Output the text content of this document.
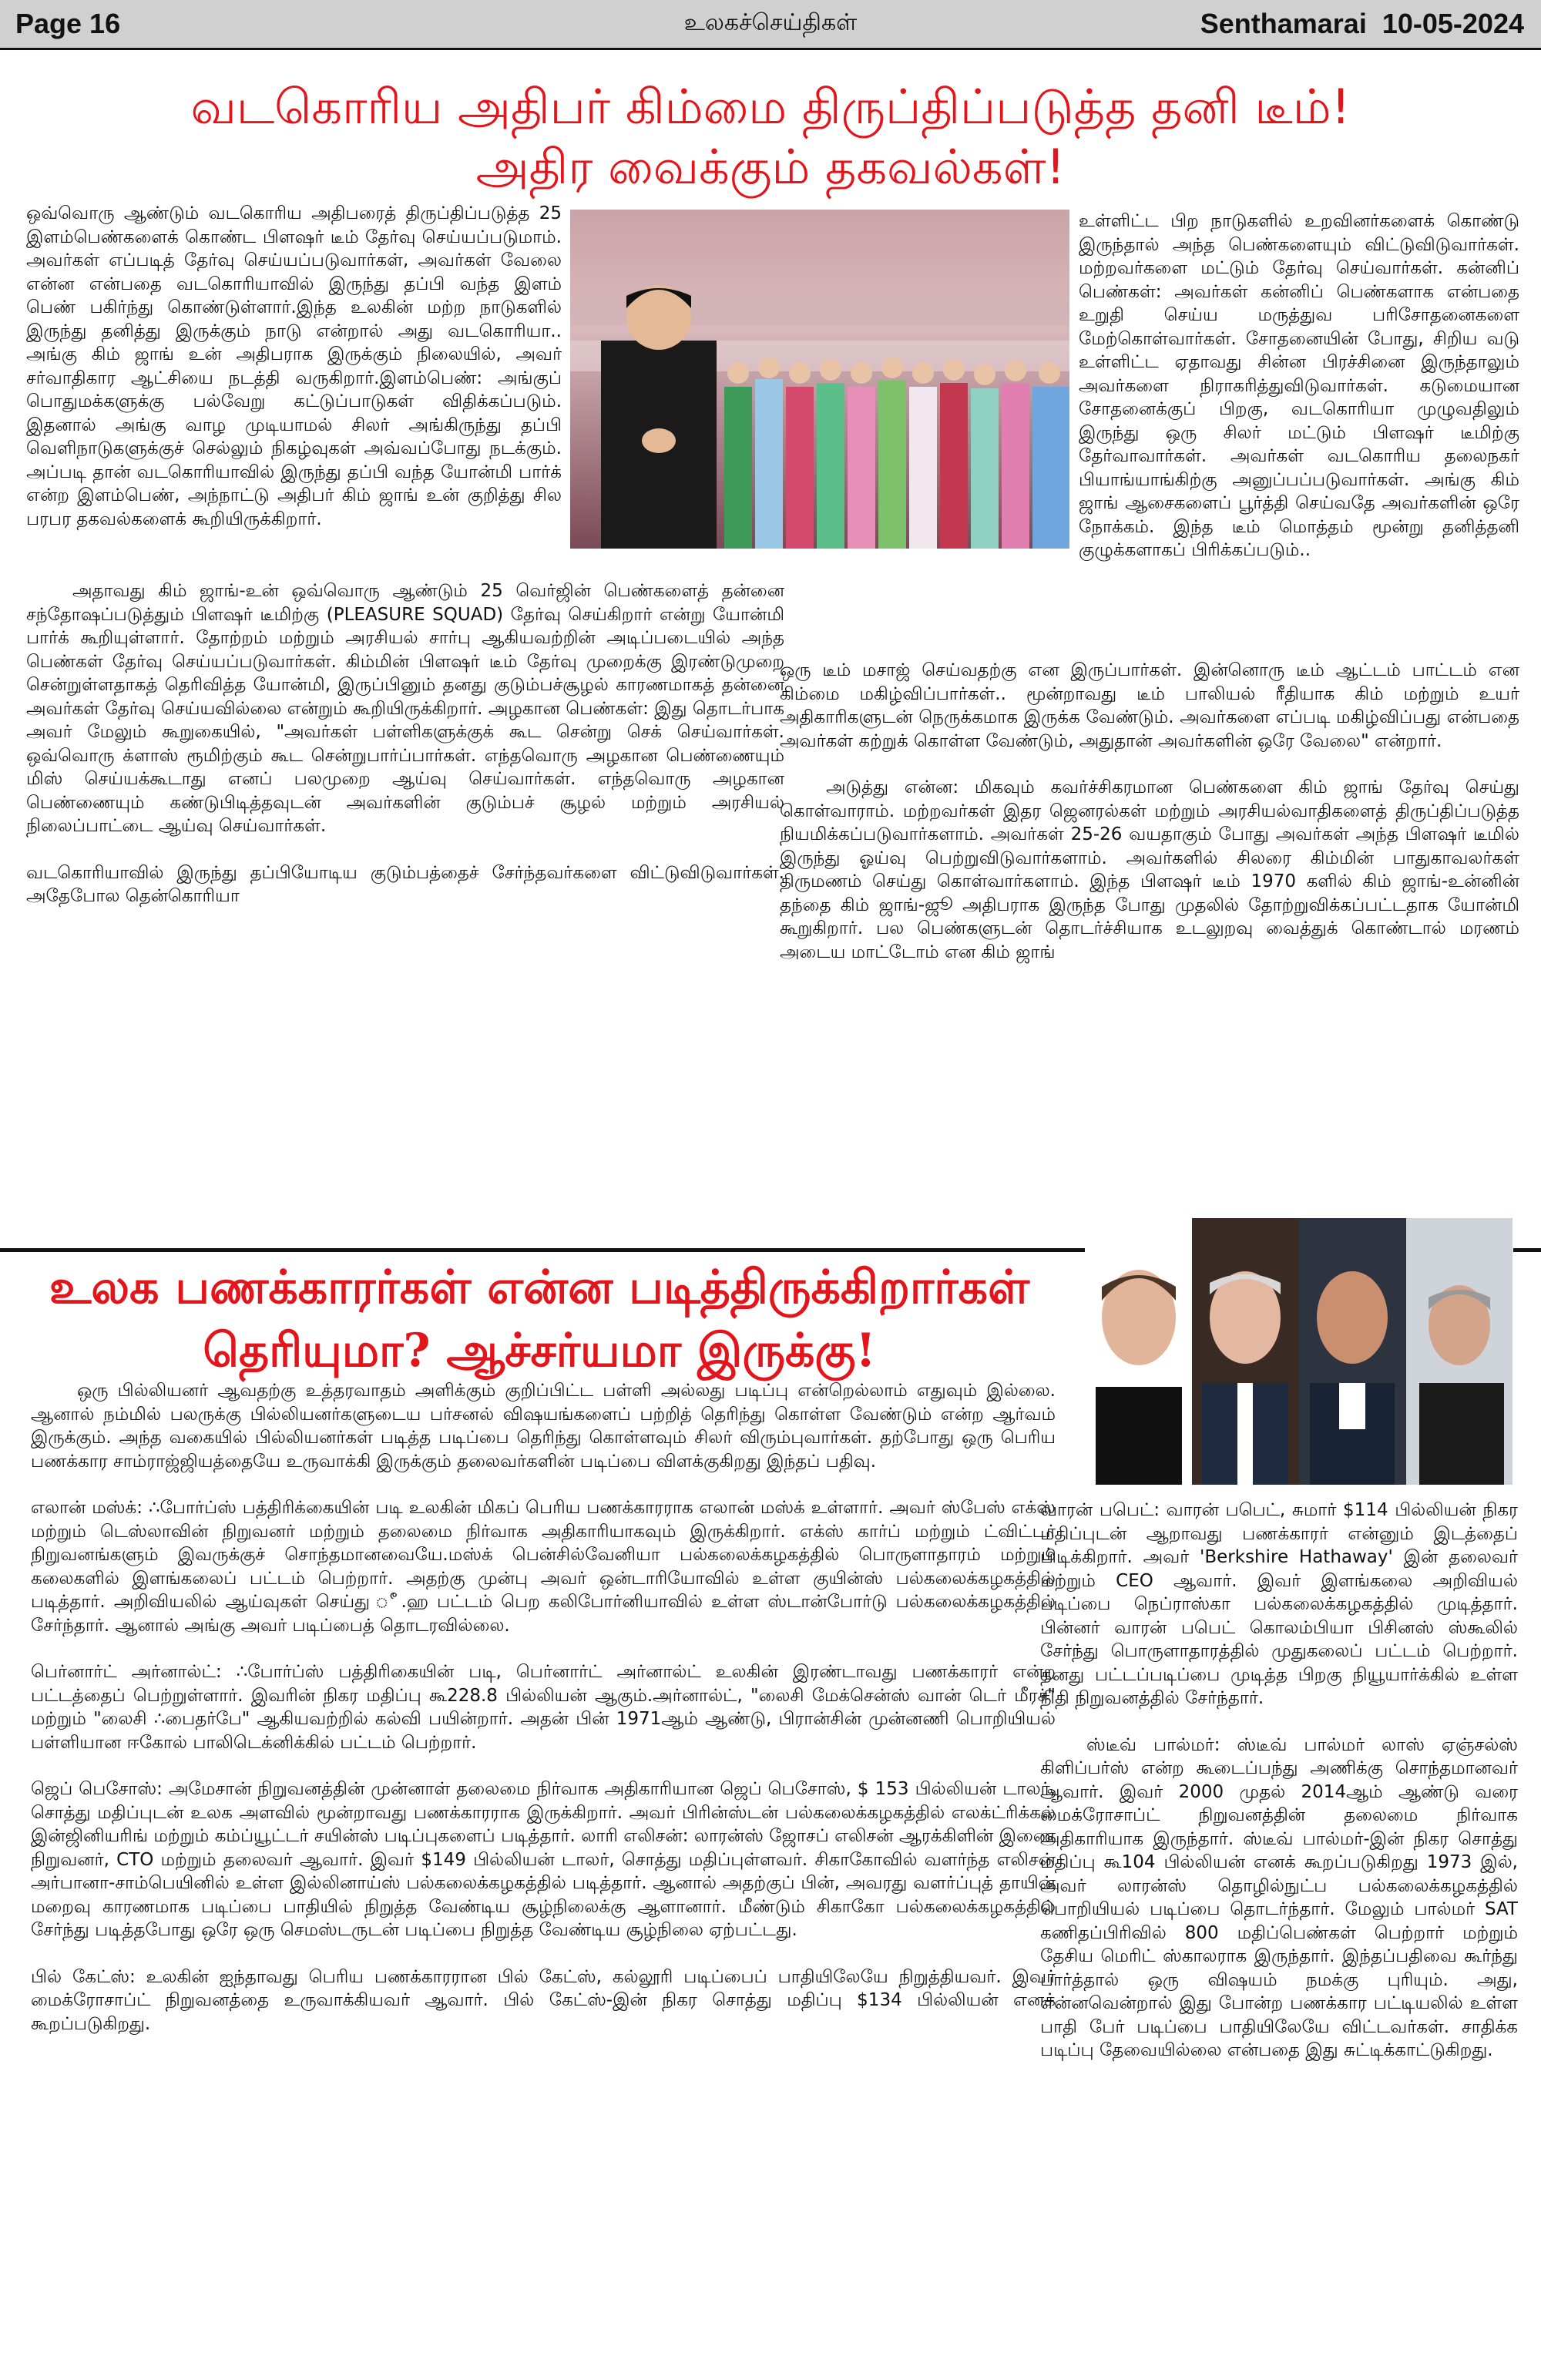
Page 16	உலகச்செய்திகள்	Senthamarai 10-05-2024
வடகொரிய அதிபர் கிம்மை திருப்திப்படுத்த தனி டீம்!
அதிர வைக்கும் தகவல்கள்!

ஒவ்வொரு ஆண்டும் வடகொரிய அதிபரைத் திருப்திப்படுத்த 25 இளம்பெண்களைக் கொண்ட பிளஷர் டீம் தேர்வு செய்யப்படுமாம். அவர்கள் எப்படித் தேர்வு செய்யப்படுவார்கள், அவர்கள் வேலை என்ன என்பதை வடகொரியாவில் இருந்து தப்பி வந்த இளம் பெண் பகிர்ந்து கொண்டுள்ளார்.இந்த உலகின் மற்ற நாடுகளில் இருந்து தனித்து இருக்கும் நாடு என்றால் அது வடகொரியா.. அங்கு கிம் ஜாங் உன் அதிபராக இருக்கும் நிலையில், அவர் சர்வாதிகார ஆட்சியை நடத்தி வருகிறார்.இளம்பெண்: அங்குப் பொதுமக்களுக்கு பல்வேறு கட்டுப்பாடுகள் விதிக்கப்படும். இதனால் அங்கு வாழ முடியாமல் சிலர் அங்கிருந்து தப்பி வெளிநாடுகளுக்குச் செல்லும் நிகழ்வுகள் அவ்வப்போது நடக்கும். அப்படி தான் வடகொரியாவில் இருந்து தப்பி வந்த யோன்மி பார்க் என்ற இளம்பெண், அந்நாட்டு அதிபர் கிம் ஜாங் உன் குறித்து சில பரபர தகவல்களைக் கூறியிருக்கிறார்.

அதாவது கிம் ஜாங்-உன் ஒவ்வொரு ஆண்டும் 25 வெர்ஜின் பெண்களைத் தன்னை சந்தோஷப்படுத்தும் பிளஷர் டீமிற்கு (PLEASURE SQUAD) தேர்வு செய்கிறார் என்று யோன்மி பார்க் கூறியுள்ளார். தோற்றம் மற்றும் அரசியல் சார்பு ஆகியவற்றின் அடிப்படையில் அந்த பெண்கள் தேர்வு செய்யப்படுவார்கள். கிம்மின் பிளஷர் டீம் தேர்வு முறைக்கு இரண்டுமுறை சென்றுள்ளதாகத் தெரிவித்த யோன்மி, இருப்பினும் தனது குடும்பச்சூழல் காரணமாகத் தன்னை அவர்கள் தேர்வு செய்யவில்லை என்றும் கூறியிருக்கிறார். அழகான பெண்கள்: இது தொடர்பாக அவர் மேலும் கூறுகையில், "அவர்கள் பள்ளிகளுக்குக் கூட சென்று செக் செய்வார்கள். ஒவ்வொரு க்ளாஸ் ரூமிற்கும் கூட சென்றுபார்ப்பார்கள். எந்தவொரு அழகான பெண்ணையும் மிஸ் செய்யக்கூடாது எனப் பலமுறை ஆய்வு செய்வார்கள். எந்தவொரு அழகான பெண்ணையும் கண்டுபிடித்தவுடன் அவர்களின் குடும்பச் சூழல் மற்றும் அரசியல் நிலைப்பாட்டை ஆய்வு செய்வார்கள்.

வடகொரியாவில் இருந்து தப்பியோடிய குடும்பத்தைச் சேர்ந்தவர்களை விட்டுவிடுவார்கள். அதேபோல தென்கொரியா

உள்ளிட்ட பிற நாடுகளில் உறவினர்களைக் கொண்டு இருந்தால் அந்த பெண்களையும் விட்டுவிடுவார்கள். மற்றவர்களை மட்டும் தேர்வு செய்வார்கள். கன்னிப் பெண்கள்: அவர்கள் கன்னிப் பெண்களாக என்பதை உறுதி செய்ய மருத்துவ பரிசோதனைகளை மேற்கொள்வார்கள். சோதனையின் போது, சிறிய வடு உள்ளிட்ட ஏதாவது சின்ன பிரச்சினை இருந்தாலும் அவர்களை நிராகரித்துவிடுவார்கள். கடுமையான சோதனைக்குப் பிறகு, வடகொரியா முழுவதிலும் இருந்து ஒரு சிலர் மட்டும் பிளஷர் டீமிற்கு தேர்வாவார்கள். அவர்கள் வடகொரிய தலைநகர் பியாங்யாங்கிற்கு அனுப்பப்படுவார்கள். அங்கு கிம் ஜாங் ஆசைகளைப் பூர்த்தி செய்வதே அவர்களின் ஒரே நோக்கம். இந்த டீம் மொத்தம் மூன்று தனித்தனி குழுக்களாகப் பிரிக்கப்படும்..

ஒரு டீம் மசாஜ் செய்வதற்கு என இருப்பார்கள். இன்னொரு டீம் ஆட்டம் பாட்டம் என கிம்மை மகிழ்விப்பார்கள்.. மூன்றாவது டீம் பாலியல் ரீதியாக கிம் மற்றும் உயர் அதிகாரிகளுடன் நெருக்கமாக இருக்க வேண்டும். அவர்களை எப்படி மகிழ்விப்பது என்பதை அவர்கள் கற்றுக் கொள்ள வேண்டும், அதுதான் அவர்களின் ஒரே வேலை" என்றார்.

அடுத்து என்ன: மிகவும் கவர்ச்சிகரமான பெண்களை கிம் ஜாங் தேர்வு செய்து கொள்வாராம். மற்றவர்கள் இதர ஜெனரல்கள் மற்றும் அரசியல்வாதிகளைத் திருப்திப்படுத்த நியமிக்கப்படுவார்களாம். அவர்கள் 25-26 வயதாகும் போது அவர்கள் அந்த பிளஷர் டீமில் இருந்து ஓய்வு பெற்றுவிடுவார்களாம். அவர்களில் சிலரை கிம்மின் பாதுகாவலர்கள் திருமணம் செய்து கொள்வார்களாம். இந்த பிளஷர் டீம் 1970 களில் கிம் ஜாங்-உன்னின் தந்தை கிம் ஜாங்-ஜூ அதிபராக இருந்த போது முதலில் தோற்றுவிக்கப்பட்டதாக யோன்மி கூறுகிறார். பல பெண்களுடன் தொடர்ச்சியாக உடலுறவு வைத்துக் கொண்டால் மரணம் அடைய மாட்டோம் என கிம் ஜாங்

உலக பணக்காரர்கள் என்ன படித்திருக்கிறார்கள்
தெரியுமா? ஆச்சர்யமா இருக்கு!

ஒரு பில்லியனர் ஆவதற்கு உத்தரவாதம் அளிக்கும் குறிப்பிட்ட பள்ளி அல்லது படிப்பு என்றெல்லாம் எதுவும் இல்லை. ஆனால் நம்மில் பலருக்கு பில்லியனர்களுடைய பர்சனல் விஷயங்களைப் பற்றித் தெரிந்து கொள்ள வேண்டும் என்ற ஆர்வம் இருக்கும். அந்த வகையில் பில்லியனர்கள் படித்த படிப்பை தெரிந்து கொள்ளவும் சிலர் விரும்புவார்கள். தற்போது ஒரு பெரிய பணக்கார சாம்ராஜ்ஜியத்தையே உருவாக்கி இருக்கும் தலைவர்களின் படிப்பை விளக்குகிறது இந்தப் பதிவு.

எலான் மஸ்க்: ∴போர்ப்ஸ் பத்திரிக்கையின் படி உலகின் மிகப் பெரிய பணக்காரராக எலான் மஸ்க் உள்ளார். அவர் ஸ்பேஸ் எக்ஸ் மற்றும் டெஸ்லாவின் நிறுவனர் மற்றும் தலைமை நிர்வாக அதிகாரியாகவும் இருக்கிறார். எக்ஸ் கார்ப் மற்றும் ட்விட்டர் நிறுவனங்களும் இவருக்குச் சொந்தமானவையே.மஸ்க் பென்சில்வேனியா பல்கலைக்கழகத்தில் பொருளாதாரம் மற்றும் கலைகளில் இளங்கலைப் பட்டம் பெற்றார். அதற்கு முன்பு அவர் ஒன்டாரியோவில் உள்ள குயின்ஸ் பல்கலைக்கழகத்தில் படித்தார். அறிவியலில் ஆய்வுகள் செய்து ீ.ஹ பட்டம் பெற கலிபோர்னியாவில் உள்ள ஸ்டான்போர்டு பல்கலைக்கழகத்தில் சேர்ந்தார். ஆனால் அங்கு அவர் படிப்பைத் தொடரவில்லை.

பெர்னார்ட் அர்னால்ட்: ∴போர்ப்ஸ் பத்திரிகையின் படி, பெர்னார்ட் அர்னால்ட் உலகின் இரண்டாவது பணக்காரர் என்ற பட்டத்தைப் பெற்றுள்ளார். இவரின் நிகர மதிப்பு கூ228.8 பில்லியன் ஆகும்.அர்னால்ட், "லைசி மேக்சென்ஸ் வான் டெர் மீரச்" மற்றும் "லைசி ∴பைதர்பே" ஆகியவற்றில் கல்வி பயின்றார். அதன் பின் 1971ஆம் ஆண்டு, பிரான்சின் முன்னணி பொறியியல் பள்ளியான ஈகோல் பாலிடெக்னிக்கில் பட்டம் பெற்றார்.

ஜெப் பெசோஸ்: அமேசான் நிறுவனத்தின் முன்னாள் தலைமை நிர்வாக அதிகாரியான ஜெப் பெசோஸ், $ 153 பில்லியன் டாலர், சொத்து மதிப்புடன் உலக அளவில் மூன்றாவது பணக்காரராக இருக்கிறார். அவர் பிரின்ஸ்டன் பல்கலைக்கழகத்தில் எலக்ட்ரிக்கல் இன்ஜினியரிங் மற்றும் கம்ப்யூட்டர் சயின்ஸ் படிப்புகளைப் படித்தார். லாரி எலிசன்: லாரன்ஸ் ஜோசப் எலிசன் ஆரக்கிளின் இணை நிறுவனர், CTO மற்றும் தலைவர் ஆவார். இவர் $149 பில்லியன் டாலர், சொத்து மதிப்புள்ளவர். சிகாகோவில் வளர்ந்த எலிசன் அர்பானா-சாம்பெயினில் உள்ள இல்லினாய்ஸ் பல்கலைக்கழகத்தில் படித்தார். ஆனால் அதற்குப் பின், அவரது வளர்ப்புத் தாயின் மறைவு காரணமாக படிப்பை பாதியில் நிறுத்த வேண்டிய சூழ்நிலைக்கு ஆளானார். மீண்டும் சிகாகோ பல்கலைக்கழகத்தில் சேர்ந்து படித்தபோது ஒரே ஒரு செமஸ்டருடன் படிப்பை நிறுத்த வேண்டிய சூழ்நிலை ஏற்பட்டது.

பில் கேட்ஸ்: உலகின் ஐந்தாவது பெரிய பணக்காரரான பில் கேட்ஸ், கல்லூரி படிப்பைப் பாதியிலேயே நிறுத்தியவர். இவர் மைக்ரோசாப்ட் நிறுவனத்தை உருவாக்கியவர் ஆவார். பில் கேட்ஸ்-இன் நிகர சொத்து மதிப்பு $134 பில்லியன் எனக் கூறப்படுகிறது.

வாரன் பபெட்: வாரன் பபெட், சுமார் $114 பில்லியன் நிகர மதிப்புடன் ஆறாவது பணக்காரர் என்னும் இடத்தைப் பிடிக்கிறார். அவர் 'Berkshire Hathaway' இன் தலைவர் மற்றும் CEO ஆவார். இவர் இளங்கலை அறிவியல் படிப்பை நெப்ராஸ்கா பல்கலைக்கழகத்தில் முடித்தார். பின்னர் வாரன் பபெட் கொலம்பியா பிசினஸ் ஸ்கூலில் சேர்ந்து பொருளாதாரத்தில் முதுகலைப் பட்டம் பெற்றார். தனது பட்டப்படிப்பை முடித்த பிறகு நியூயார்க்கில் உள்ள நிதி நிறுவனத்தில் சேர்ந்தார்.

ஸ்டீவ் பால்மர்: ஸ்டீவ் பால்மர் லாஸ் ஏஞ்சல்ஸ் கிளிப்பர்ஸ் என்ற கூடைப்பந்து அணிக்கு சொந்தமானவர் ஆவார். இவர் 2000 முதல் 2014ஆம் ஆண்டு வரை மைக்ரோசாப்ட் நிறுவனத்தின் தலைமை நிர்வாக அதிகாரியாக இருந்தார். ஸ்டீவ் பால்மர்-இன் நிகர சொத்து மதிப்பு கூ104 பில்லியன் எனக் கூறப்படுகிறது 1973 இல், அவர் லாரன்ஸ் தொழில்நுட்ப பல்கலைக்கழகத்தில் பொறியியல் படிப்பை தொடர்ந்தார். மேலும் பால்மர் SAT கணிதப்பிரிவில் 800 மதிப்பெண்கள் பெற்றார் மற்றும் தேசிய மெரிட் ஸ்காலராக இருந்தார். இந்தப்பதிவை கூர்ந்து பார்த்தால் ஒரு விஷயம் நமக்கு புரியும். அது, என்னவென்றால் இது போன்ற பணக்கார பட்டியலில் உள்ள பாதி பேர் படிப்பை பாதியிலேயே விட்டவர்கள். சாதிக்க படிப்பு தேவையில்லை என்பதை இது சுட்டிக்காட்டுகிறது.
